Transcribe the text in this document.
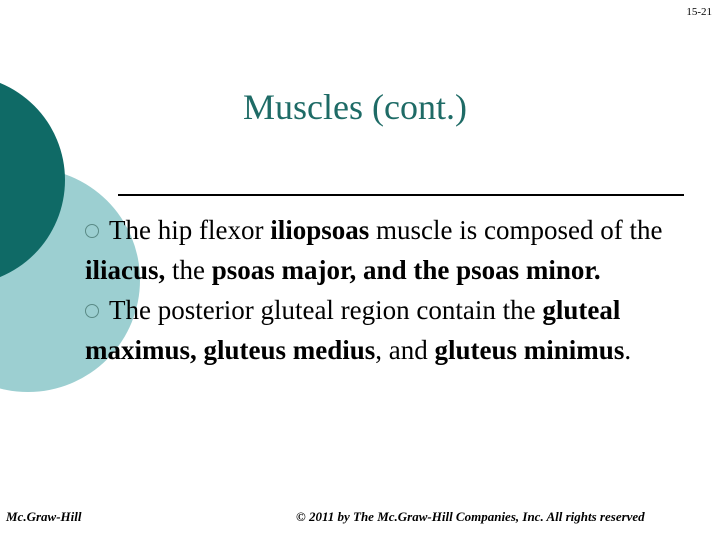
15-21
Muscles (cont.)

The hip flexor iliopsoas muscle is composed of the iliacus, the psoas major, and the psoas minor.

The posterior gluteal region contain the gluteal maximus, gluteus medius, and gluteus minimus.

Mc.Graw-Hill	© 2011 by The Mc.Graw-Hill Companies, Inc. All rights reserved
